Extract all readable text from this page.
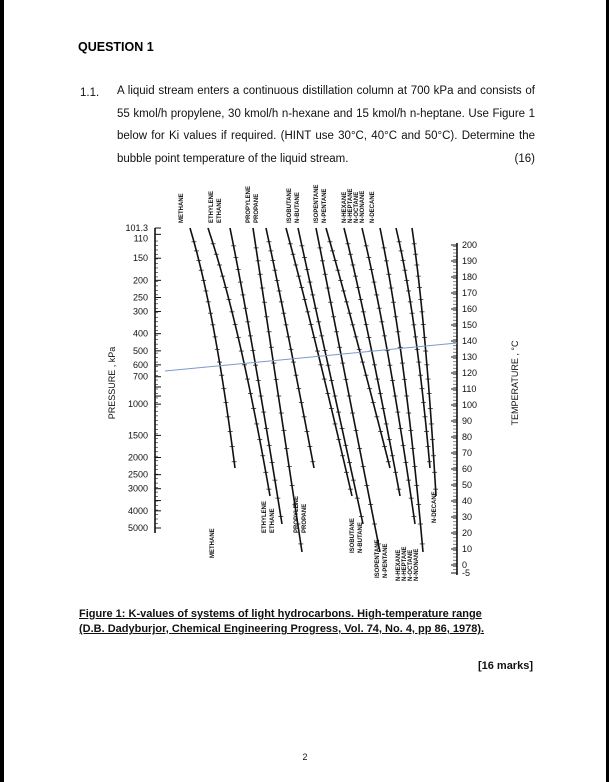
QUESTION 1
1.1. A liquid stream enters a continuous distillation column at 700 kPa and consists of 55 kmol/h propylene, 30 kmol/h n-hexane and 15 kmol/h n-heptane. Use Figure 1 below for Ki values if required. (HINT use 30°C, 40°C and 50°C). Determine the bubble point temperature of the liquid stream.	(16)
PRESSURE , kPa
101.3
110
150
200
250
300
400
500
600
700
1000
1500
2000
2500
3000
4000
5000
TEMPERATURE , °C
200
190
180
170
160
150
140
130
120
110
100
90
80
70
60
50
40
30
20
10
0
-5
METHANE	ETHYLENE ETHANE	PROPYLENE PROPANE	ISOBUTANE N-BUTANE ISOPENTANE N-PENTANE N-HEXANE N-HEPTANE N-OCTANE N-NONANE N-DECANE
METHANE
ETHYLENE ETHANE	PROPYLENE PROPANE	ISOBUTANE N-BUTANE
ISOPENTANE N-PENTANE N-HEXANE N-HEPTANE N-OCTANE N-NONANE
N-DECANE
Figure 1: K-values of systems of light hydrocarbons. High-temperature range
(D.B. Dadyburjor, Chemical Engineering Progress, Vol. 74, No. 4, pp 86, 1978).
[16 marks]
2
